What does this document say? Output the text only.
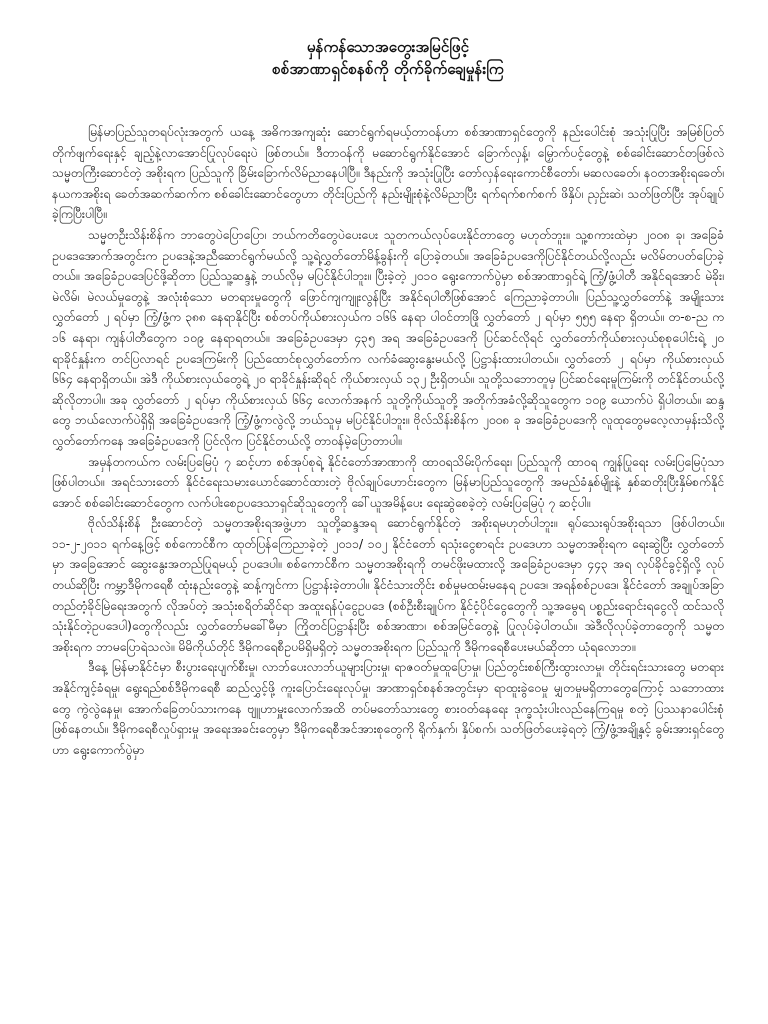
မှန်ကန်သောအတွေးအမြင်ဖြင့်
စစ်အာဏာရှင်စနစ်ကို တိုက်ခိုက်ချေမှုန်းကြ

မြန်မာပြည်သူတရပ်လုံးအတွက် ယနေ့ အဓိကအကျဆုံး ဆောင်ရွက်ရမယ့်တာဝန်ဟာ စစ်အာဏာရှင်တွေကို နည်းပေါင်းစုံ အသုံးပြုပြီး အမြစ်ပြတ်တိုက်ဖျက်ရေးနှင့် ချည့်နဲ့လာအောင်ပြုလုပ်ရေးပဲ ဖြစ်တယ်။ ဒီတာဝန်ကို မဆောင်ရွက်နိုင်အောင် ခြောက်လှန့်၊ မြှောက်ပင့်တွေနဲ့ စစ်ခေါင်းဆောင်တဖြစ်လဲ သမ္မတကြီးဆောင်တဲ့ အစိုးရက ပြည်သူကို ခြိမ်းခြောက်လိမ်ညာနေပါပြီ။ ဒီနည်းကို အသုံးပြုပြီး တော်လှန်ရေးကောင်စီတော်၊ မဆလခေတ်၊ နဝတအစိုးရခေတ်၊ နယကအစိုးရ ခေတ်အဆက်ဆက်က စစ်ခေါင်းဆောင်တွေဟာ တိုင်းပြည်ကို နည်းမျိုးစုံနဲ့လိမ်ညာပြီး ရက်ရက်စက်စက် ဖိနှိပ်၊ ညှဉ်းဆဲ၊ သတ်ဖြတ်ပြီး အုပ်ချုပ်ခဲ့ကြပြီးပါပြီ။

သမ္မတဦးသိန်းစိန်က ဘာတွေပဲပြောပြော၊ ဘယ်ကတိတွေပဲပေးပေး သူတကယ်လုပ်ပေးနိုင်တာတွေ မဟုတ်ဘူး။ သူ့စကားထဲမှာ ၂၀၀၈ ခု၊ အခြေခံဥပဒေအောက်အတွင်းက ဥပဒေနဲ့အညီဆောင်ရွက်မယ်လို့ သူ့ရဲ့လွှတ်တော်မိန့်ခွန်းကို ပြောခဲ့တယ်။ အခြေခံဥပဒေကိုပြင်နိုင်တယ်လို့လည်း မလိမ်တပတ်ပြောခဲ့တယ်။ အခြေခံဥပဒေပြင်ဖို့ဆိုတာ ပြည်သူ့ဆန္ဒနဲ့ ဘယ်လိုမှ မပြင်နိုင်ပါဘူး။ ပြီးခဲ့တဲ့ ၂၀၁၀ ရွေးကောက်ပွဲမှာ စစ်အာဏာရှင်ရဲ့ ကြံ့/ဖွံ့ပါတီ အနိုင်ရအောင် မဲခိုး၊ မဲလိမ်၊ မဲလယ်မှုတွေနဲ့ အလုံးစုံသော မတရားမှုတွေကို ဖြောင်ကျကျူးလွန်ပြီး အနိုင်ရပါတီဖြစ်အောင် ကြေညာခဲ့တာပါ။ ပြည်သူ့လွှတ်တော်နဲ့ အမျိုးသားလွှတ်တော် ၂ ရပ်မှာ ကြံ့/ဖွံ့က ၃၈၈ နေရာနိုင်ပြီး စစ်တပ်ကိုယ်စားလှယ်က ၁၆၆ နေရာ ပါဝင်တာဖြို လွှတ်တော် ၂ ရပ်မှာ ၅၅၅ နေရာ ရှိတယ်။ တ-စ-ည က ၁၆ နေရာ၊ ကျန်ပါတီတွေက ၁၀၉ နေရာရတယ်။ အခြေခံဥပဒေမှာ ၄၃၅ အရ အခြေခံဥပဒေကို ပြင်ဆင်လိုရင် လွှတ်တော်ကိုယ်စားလှယ်စုစုပေါင်းရဲ့ ၂၀ ရာခိုင်နှုန်းက တင်ပြလာရင် ဥပဒေကြမ်းကို ပြည်ထောင်စုလွှတ်တော်က လက်ခံဆွေးနွေးမယ်လို့ ပြဋ္ဌာန်းထားပါတယ်။ လွှတ်တော် ၂ ရပ်မှာ ကိုယ်စားလှယ် ၆၆၄ နေရာရှိတယ်။ အဲဒီ ကိုယ်စားလှယ်တွေရဲ့ ၂၀ ရာခိုင်နှုန်းဆိုရင် ကိုယ်စားလှယ် ၁၃၂ ဦးရှိတယ်။ သူတို့သဘောတူမှ ပြင်ဆင်ရေးမူကြမ်းကို တင်နိုင်တယ်လို့ ဆိုလိုတာပါ။ အခု လွှတ်တော် ၂ ရပ်မှာ ကိုယ်စားလှယ် ၆၆၄ လောက်အနက် သူတို့ကိုယ်သူတို့ အတိုက်အခံလို့ဆိုသူတွေက ၁၀၉ ယောက်ပဲ ရှိပါတယ်။ ဆန္ဒတွေ ဘယ်လောက်ပဲရှိရှိ အခြေခံဥပဒေကို ကြံ့/ဖွံ့ကလွဲလို့ ဘယ်သူမှ မပြင်နိုင်ပါဘူး။ ဗိုလ်သိန်းစိန်က ၂၀၀၈ ခု အခြေခံဥပဒေကို လူထုတွေမလေ့လာမှန်းသိလို့ လွှတ်တော်ကနေ အခြေခံဥပဒေကို ပြင်လိုက ပြင်နိုင်တယ်လို့ တာဝန်မဲ့ပြောတာပါ။

အမှန်တကယ်က လမ်းပြမြေပုံ ၇ ဆင့်ဟာ စစ်အုပ်စုရဲ့ နိုင်ငံတော်အာဏာကို ထာဝရသိမ်းပိုက်ရေး၊ ပြည်သူကို ထာဝရ ကျွန်ပြုရေး လမ်းပြမြေပုံသာ ဖြစ်ပါတယ်။ အရင်သားတော် နိုင်ငံရေးသမားယောင်ဆောင်ထားတဲ့ ဗိုလ်ချုပ်ဟောင်းတွေက မြန်မာပြည်သူတွေကို အမည်ခံနှစ်မျိုးနဲ့ နှစ်ဆတိုးပြီးနှိမ်စက်နိုင်အောင် စစ်ခေါင်းဆောင်တွေက လက်ပါးစေဥပဒေသာရှင်ဆိုသူတွေကို ခေါ်ယူအမိန့်ပေး ရေးဆွဲစေခဲ့တဲ့ လမ်းပြမြေပုံ ၇ ဆင့်ပါ။

ဗိုလ်သိန်းစိန် ဦးဆောင်တဲ့ သမ္မတအစိုးရအဖွဲ့ဟာ သူတို့ဆန္ဒအရ ဆောင်ရွက်နိုင်တဲ့ အစိုးရမဟုတ်ပါဘူး။ ရုပ်သေးရုပ်အစိုးရသာ ဖြစ်ပါတယ်။ ၁၁-၂-၂၀၁၁ ရက်နေ့ဖြင့် စစ်ကောင်စီက ထုတ်ပြန်ကြေညာခဲ့တဲ့ ၂၀၁၁/ ၁၀၂ နိုင်ငံတော် ရသုံးငွေစာရင်း ဥပဒေဟာ သမ္မတအစိုးရက ရေးဆွဲပြီး လွှတ်တော်မှာ အခြေအောင် ဆွေးနွေးအတည်ပြုရမယ့် ဥပဒေပါ။ စစ်ကောင်စီက သမ္မတအစိုးရကို တမင်ဖိုးမထားလို့ အခြေခံဥပဒေမှာ ၄၄၃ အရ လုပ်ခိုင်ခွင့်ရှိလို့ လုပ်တယ်ဆိုပြီး ကမ္ဘာ့ဒီမိုကရေစီ ထုံးနည်းတွေနဲ့ ဆန့်ကျင်ကာ ပြဋ္ဌာန်းခဲ့တာပါ။ နိုင်ငံသားတိုင်း စစ်မှုမထမ်းမနေရ ဥပဒေ၊ အရန်စစ်ဥပဒေ၊ နိုင်ငံတော် အချုပ်အခြာ တည်တံ့ခိုင်မြဲရေးအတွက် လိုအပ်တဲ့ အသုံးစရိတ်ဆိုင်ရာ အထူးရန်ပုံငွေဥပဒေ (စစ်ဦးစီးချုပ်က နိုင်ငံ့ပိုင်ငွေတွေကို သူ့အမွေရ ပစ္စည်းရောင်းရငွေလို ထင်သလိုသုံးနိုင်တဲ့ဥပဒေပါ)တွေကိုလည်း လွှတ်တော်မခေါ်မီမှာ ကြိုတင်ပြဋ္ဌာန်းပြီး စစ်အာဏာ၊ စစ်အမြင်တွေနဲ့ ပြုလုပ်ခဲ့ပါတယ်။ အဲဒီလိုလုပ်ခဲ့တာတွေကို သမ္မတအစိုးရက ဘာမပြောရဲသလဲ။ မိမိကိုယ်တိုင် ဒီမိုကရေစီဥပမိရှိမရှိတဲ့ သမ္မတအစိုးရက ပြည်သူကို ဒီမိုကရေစီပေးမယ်ဆိုတာ ယုံရလောဘ။

ဒီနေ့ မြန်မာနိုင်ငံမှာ စီးပွားရေးပျက်စီးမှု၊ လာဘ်ပေးလာဘ်ယူများပြားမှု၊ ရာဇဝတ်မှုထူပြောမှု၊ ပြည်တွင်းစစ်ကြီးထွားလာမှု၊ တိုင်းရင်းသားတွေ မတရားအနိုင်ကျင့်ခံရမှု၊ ရွေးရည်စစ်ဒီမိုကရေစီ ဆည်လွှင့်ဖို့ ကူးပြောင်းရေးလုပ်မှု၊ အာဏာရှင်စနစ်အတွင်းမှာ ရာထူးခွဲဝေမှု မျှတမှုမရှိတာတွေကြောင့် သဘောထားတွေ ကွဲလွဲနေမှု၊ အောက်ခြေတပ်သားကနေ ဗျူဟာမှူးလောက်အထိ တပ်မတော်သားတွေ စားဝတ်နေရေး ဒုက္ခသုံးပါးလည်နေကြရမှု စတဲ့ ပြဿနာပေါင်းစုံ ဖြစ်နေတယ်။ ဒီမိုကရေစီလှုပ်ရှားမှု အရေးအခင်းတွေမှာ ဒီမိုကရေစီအင်အားစုတွေကို ရိုက်နှက်၊ နှိပ်စက်၊ သတ်ဖြတ်ပေးခဲ့ရတဲ့ ကြံ့/ဖွံ့အချို့နှင့် ခွမ်းအားရှင်တွေဟာ ရွေးကောက်ပွဲမှာ
